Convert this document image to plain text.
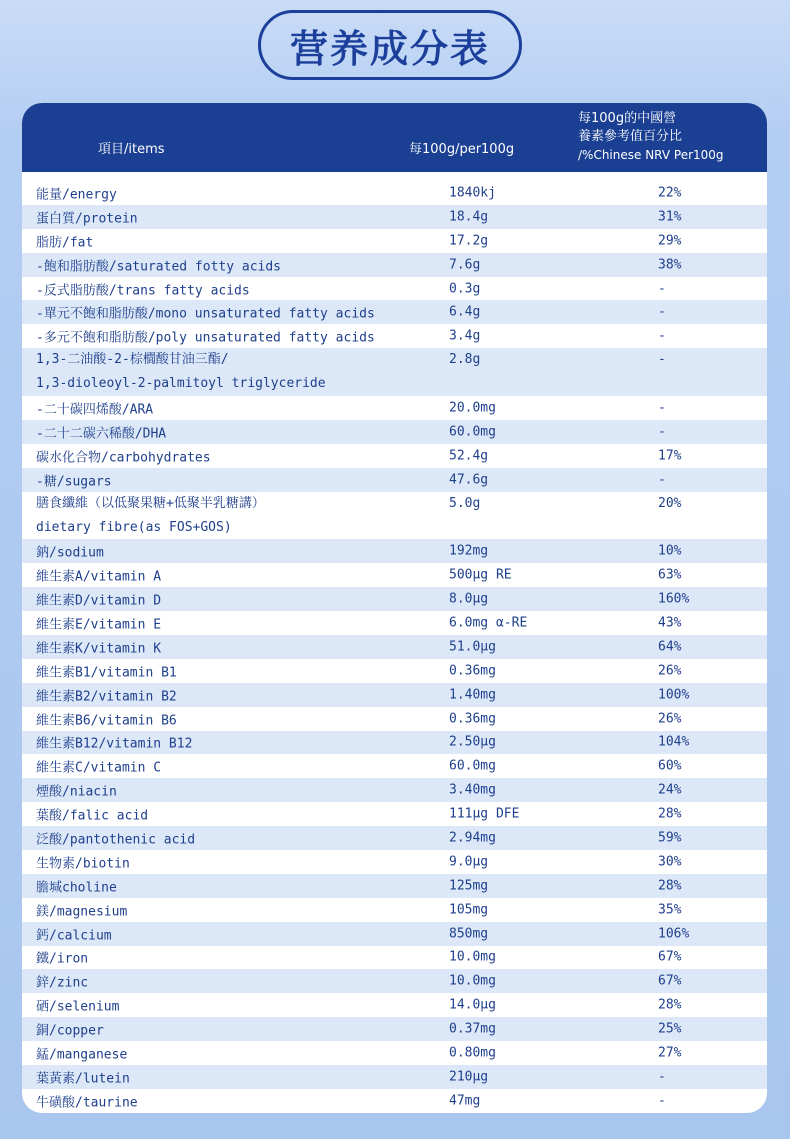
营养成分表
項目/items	每100g/per100g
每100g的中國營
養素參考值百分比
/%Chinese NRV Per100g
能量/energy	1840kj	22%
蛋白質/protein	18.4g	31%
脂肪/fat	17.2g	29%
-飽和脂肪酸/saturated fotty acids	7.6g	38%
-反式脂肪酸/trans fatty acids	0.3g	-
-單元不飽和脂肪酸/mono unsaturated fatty acids	6.4g	-
-多元不飽和脂肪酸/poly unsaturated fatty acids	3.4g	-
1,3-二油酸-2-棕櫚酸甘油三酯/
1,3-dioleoyl-2-palmitoyl triglyceride
2.8g	-
-二十碳四烯酸/ARA	20.0mg	-
-二十二碳六稀酸/DHA	60.0mg	-
碳水化合物/carbohydrates	52.4g	17%
-糖/sugars	47.6g	-
膳食纖維（以低聚果糖+低聚半乳糖講）
dietary fibre(as FOS+GOS)
5.0g	20%
鈉/sodium	192mg	10%
維生素A/vitamin A	500μg RE	63%
維生素D/vitamin D	8.0μg	160%
維生素E/vitamin E	6.0mg α-RE	43%
維生素K/vitamin K	51.0μg	64%
維生素B1/vitamin B1	0.36mg	26%
維生素B2/vitamin B2	1.40mg	100%
維生素B6/vitamin B6	0.36mg	26%
維生素B12/vitamin B12	2.50μg	104%
維生素C/vitamin C	60.0mg	60%
煙酸/niacin	3.40mg	24%
葉酸/falic acid	111μg DFE	28%
泛酸/pantothenic acid	2.94mg	59%
生物素/biotin	9.0μg	30%
膽堿choline	125mg	28%
鎂/magnesium	105mg	35%
鈣/calcium	850mg	106%
鐵/iron	10.0mg	67%
鋅/zinc	10.0mg	67%
硒/selenium	14.0μg	28%
銅/copper	0.37mg	25%
錳/manganese	0.80mg	27%
葉黃素/lutein	210μg	-
牛磺酸/taurine	47mg	-
